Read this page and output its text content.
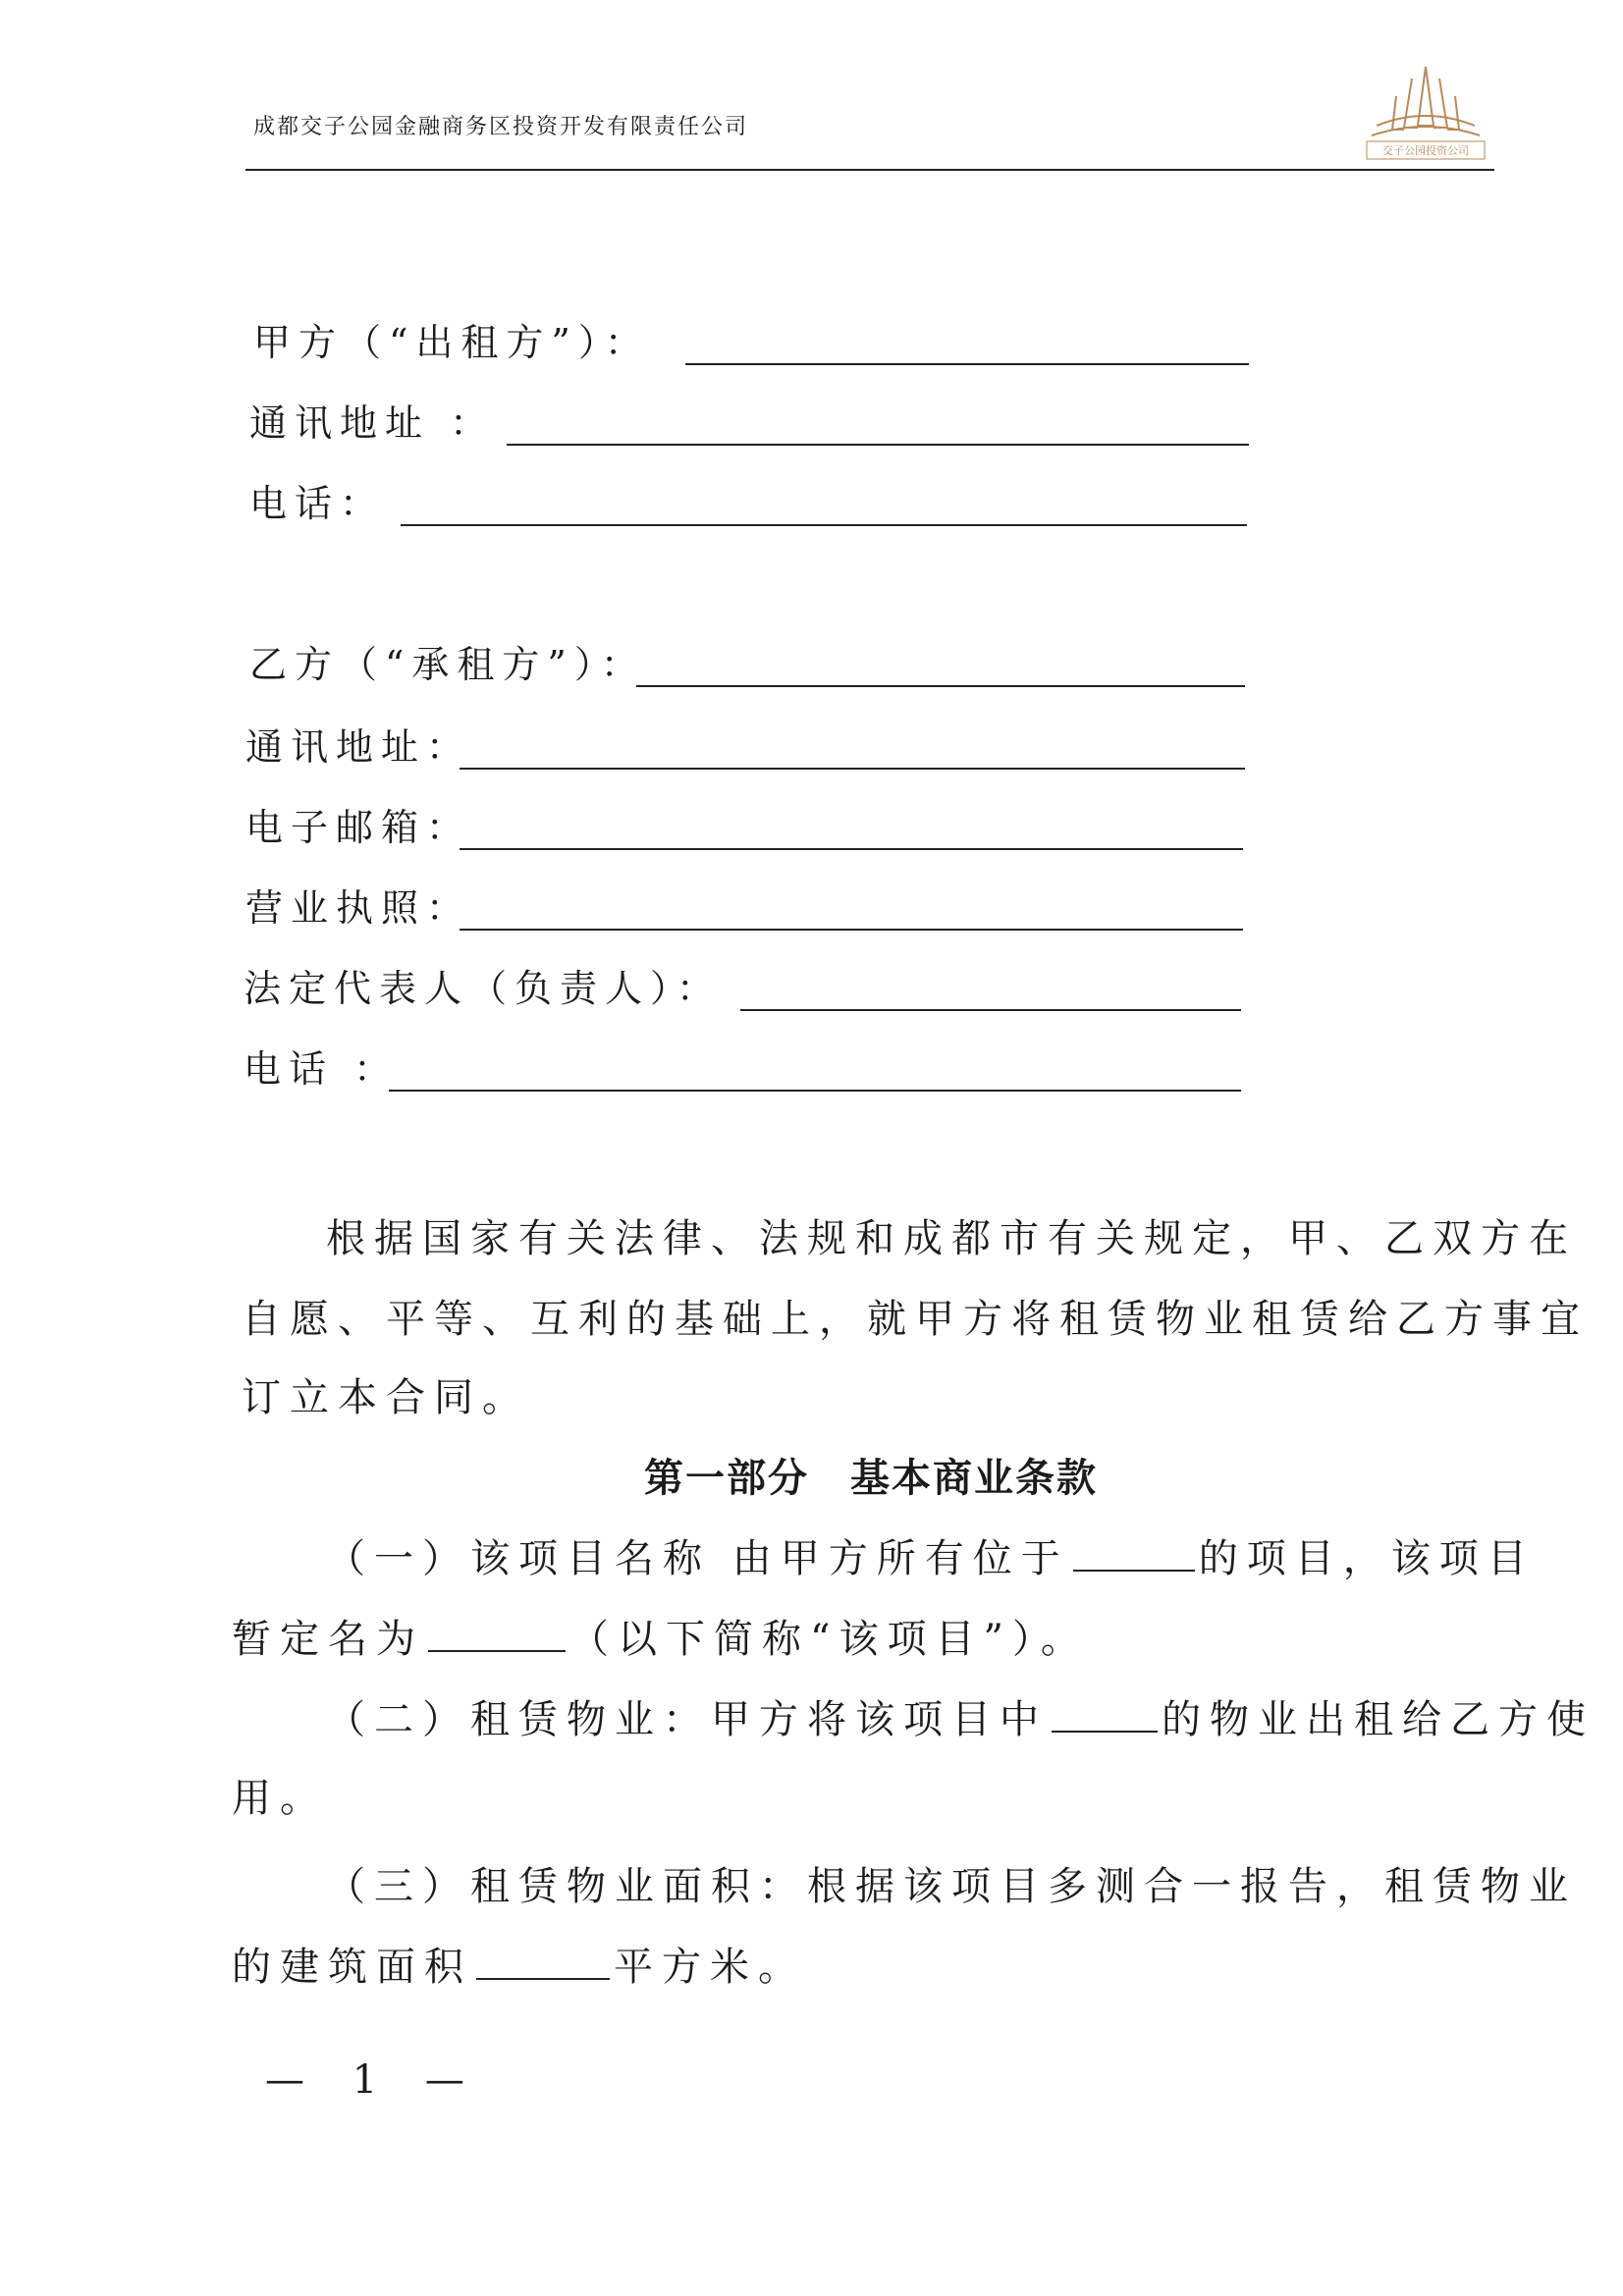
成都交子公园金融商务区投资开发有限责任公司
交子公园投资公司
甲方（“出租方”）：
通讯地址 ：
电话：
乙方（“承租方”）：
通讯地址：
电子邮箱：
营业执照：
法定代表人（负责人）：
电话 ：
根据国家有关法律、法规和成都市有关规定，甲、乙双方在
自愿、平等、互利的基础上，就甲方将租赁物业租赁给乙方事宜
订立本合同。
第一部分　基本商业条款
（一）该项目名称 由甲方所有位于	的项目，该项目
暂定名为	（以下简称“该项目”）。
（二）租赁物业：甲方将该项目中	的物业出租给乙方使
用。
（三）租赁物业面积：根据该项目多测合一报告，租赁物业
的建筑面积	平方米。
— 1 —
